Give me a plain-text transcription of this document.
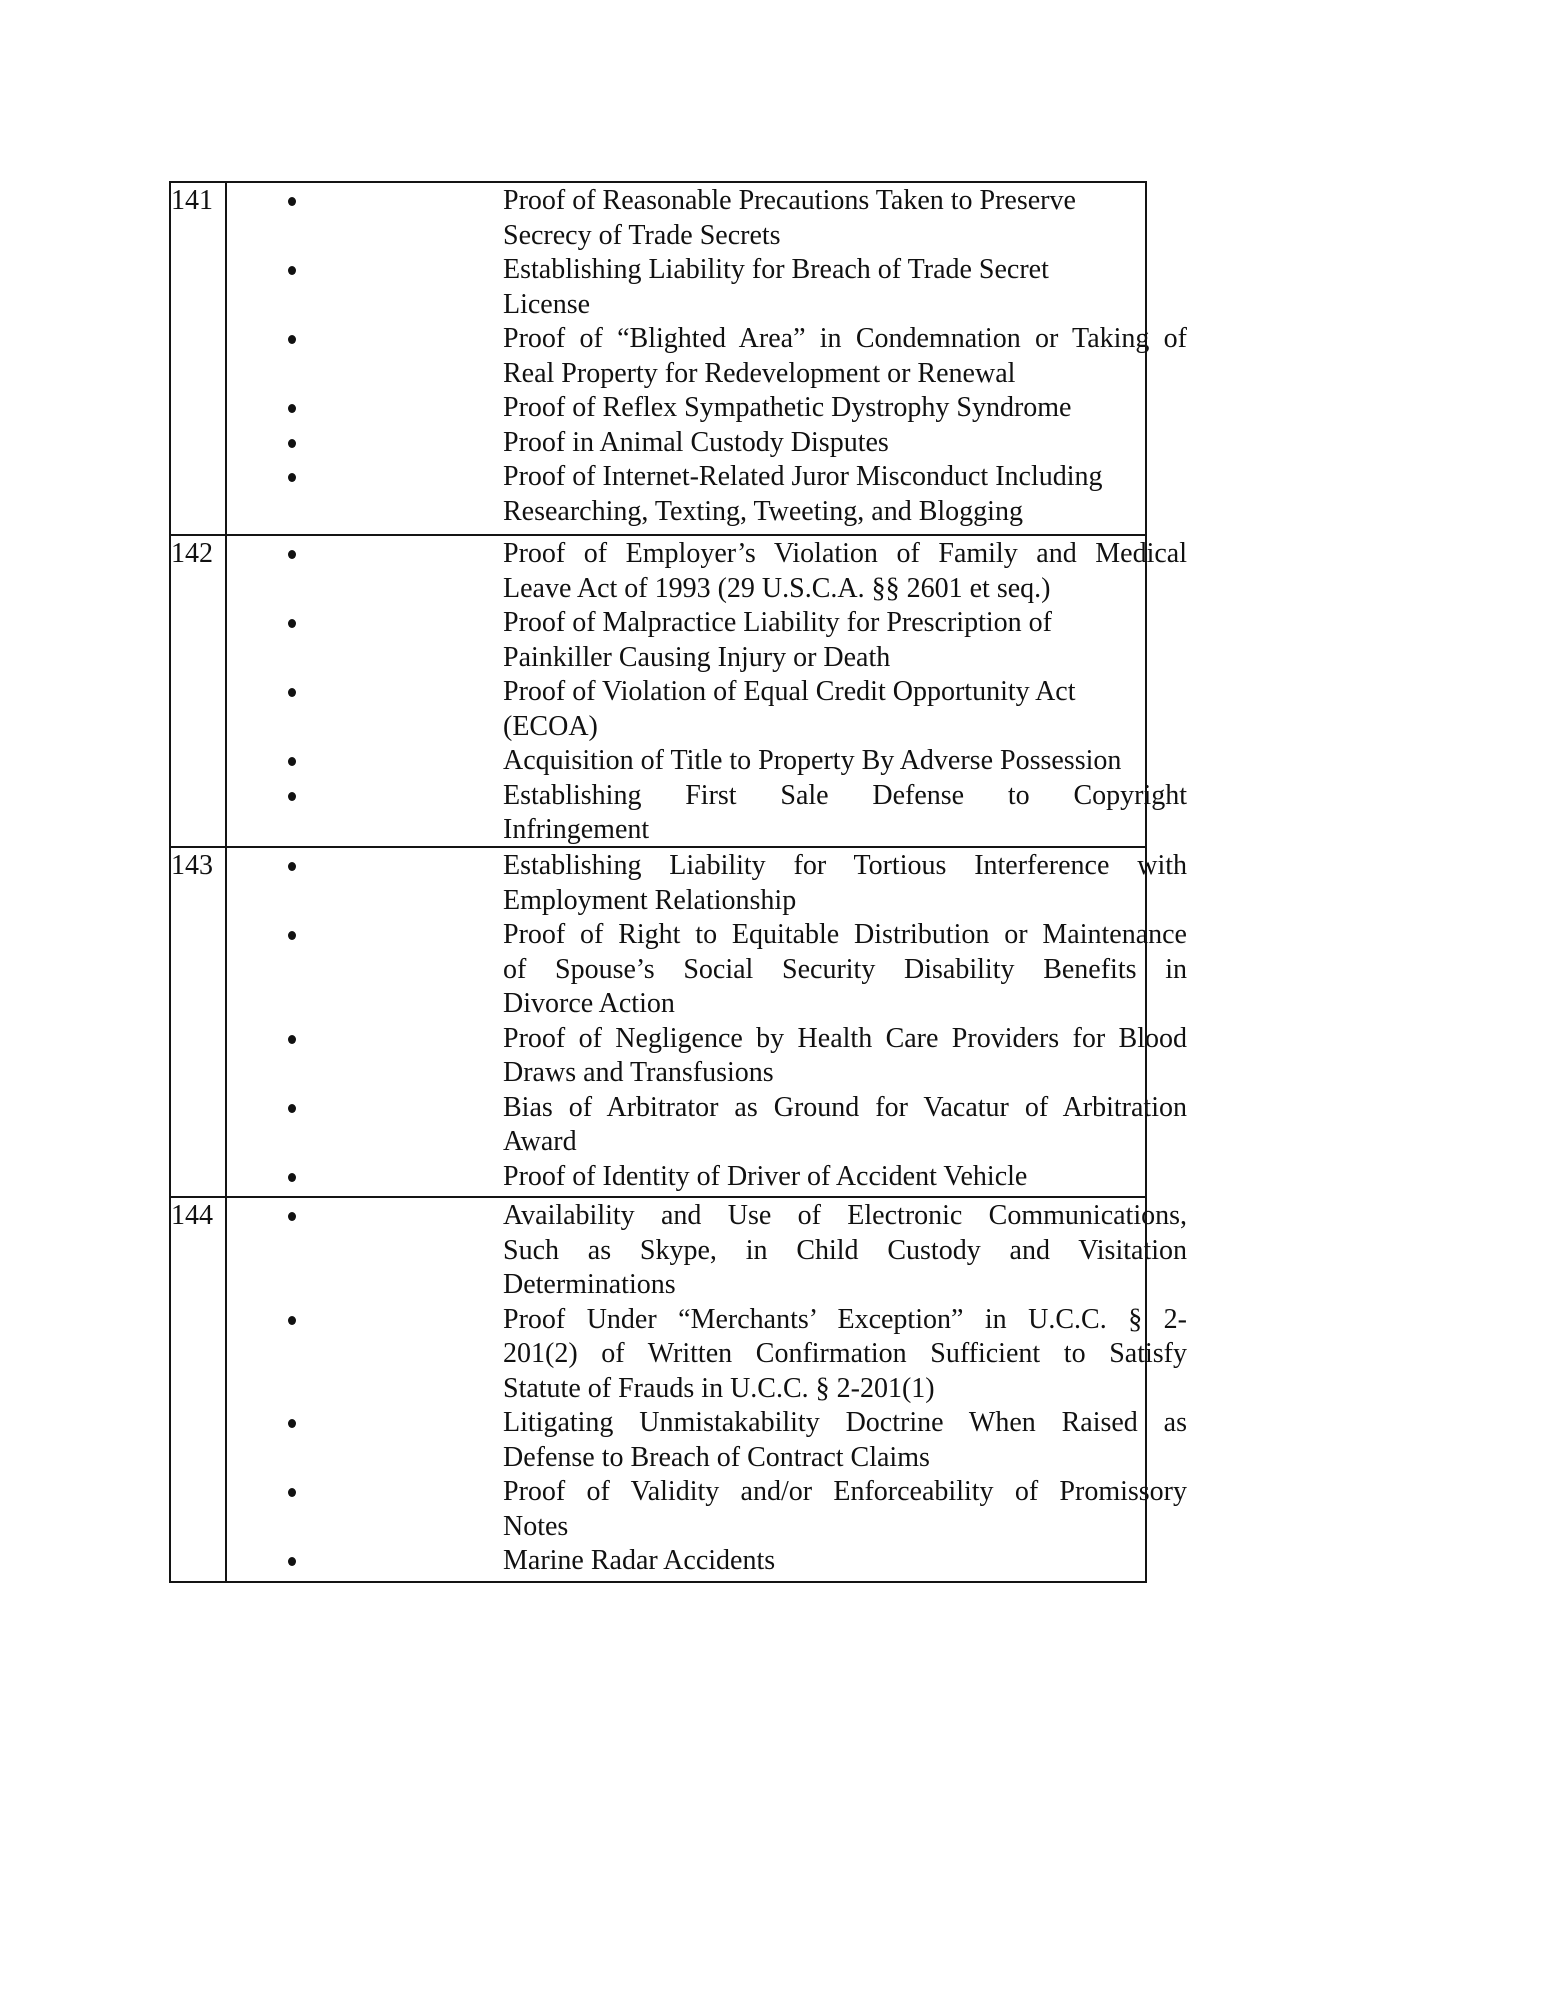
141	Proof of Reasonable Precautions Taken to Preserve
Secrecy of Trade Secrets
Establishing Liability for Breach of Trade Secret
License
Proof of “Blighted Area” in Condemnation or Taking of
Real Property for Redevelopment or Renewal
Proof of Reflex Sympathetic Dystrophy Syndrome
Proof in Animal Custody Disputes
Proof of Internet-Related Juror Misconduct Including
Researching, Texting, Tweeting, and Blogging
142	Proof of Employer’s Violation of Family and Medical
Leave Act of 1993 (29 U.S.C.A. §§ 2601 et seq.)
Proof of Malpractice Liability for Prescription of
Painkiller Causing Injury or Death
Proof of Violation of Equal Credit Opportunity Act
(ECOA)
Acquisition of Title to Property By Adverse Possession
Establishing First Sale Defense to Copyright
Infringement
143	Establishing Liability for Tortious Interference with
Employment Relationship
Proof of Right to Equitable Distribution or Maintenance
of Spouse’s Social Security Disability Benefits in
Divorce Action
Proof of Negligence by Health Care Providers for Blood
Draws and Transfusions
Bias of Arbitrator as Ground for Vacatur of Arbitration
Award
Proof of Identity of Driver of Accident Vehicle
144	Availability and Use of Electronic Communications,
Such as Skype, in Child Custody and Visitation
Determinations
Proof Under “Merchants’ Exception” in U.C.C. § 2-
201(2) of Written Confirmation Sufficient to Satisfy
Statute of Frauds in U.C.C. § 2-201(1)
Litigating Unmistakability Doctrine When Raised as
Defense to Breach of Contract Claims
Proof of Validity and/or Enforceability of Promissory
Notes
Marine Radar Accidents
